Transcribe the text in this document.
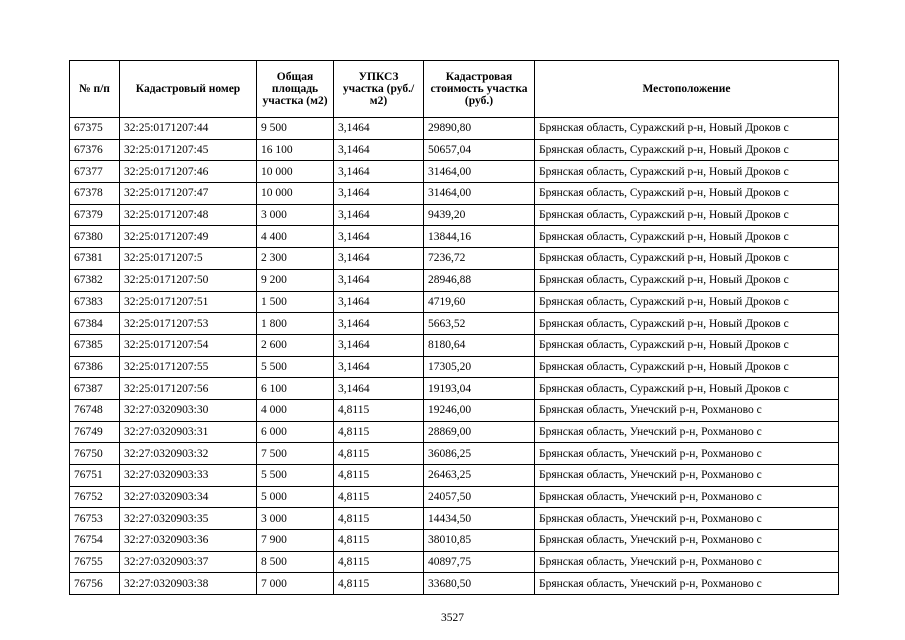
№ п/п	Кадастровый номер	Общая площадь участка (м2)	УПКСЗ участка (руб./м2)	Кадастровая стоимость участка (руб.)	Местоположение
67375	32:25:0171207:44	9 500	3,1464	29890,80	Брянская область, Суражский р-н, Новый Дроков с
67376	32:25:0171207:45	16 100	3,1464	50657,04	Брянская область, Суражский р-н, Новый Дроков с
67377	32:25:0171207:46	10 000	3,1464	31464,00	Брянская область, Суражский р-н, Новый Дроков с
67378	32:25:0171207:47	10 000	3,1464	31464,00	Брянская область, Суражский р-н, Новый Дроков с
67379	32:25:0171207:48	3 000	3,1464	9439,20	Брянская область, Суражский р-н, Новый Дроков с
67380	32:25:0171207:49	4 400	3,1464	13844,16	Брянская область, Суражский р-н, Новый Дроков с
67381	32:25:0171207:5	2 300	3,1464	7236,72	Брянская область, Суражский р-н, Новый Дроков с
67382	32:25:0171207:50	9 200	3,1464	28946,88	Брянская область, Суражский р-н, Новый Дроков с
67383	32:25:0171207:51	1 500	3,1464	4719,60	Брянская область, Суражский р-н, Новый Дроков с
67384	32:25:0171207:53	1 800	3,1464	5663,52	Брянская область, Суражский р-н, Новый Дроков с
67385	32:25:0171207:54	2 600	3,1464	8180,64	Брянская область, Суражский р-н, Новый Дроков с
67386	32:25:0171207:55	5 500	3,1464	17305,20	Брянская область, Суражский р-н, Новый Дроков с
67387	32:25:0171207:56	6 100	3,1464	19193,04	Брянская область, Суражский р-н, Новый Дроков с
76748	32:27:0320903:30	4 000	4,8115	19246,00	Брянская область, Унечский р-н, Рохманово с
76749	32:27:0320903:31	6 000	4,8115	28869,00	Брянская область, Унечский р-н, Рохманово с
76750	32:27:0320903:32	7 500	4,8115	36086,25	Брянская область, Унечский р-н, Рохманово с
76751	32:27:0320903:33	5 500	4,8115	26463,25	Брянская область, Унечский р-н, Рохманово с
76752	32:27:0320903:34	5 000	4,8115	24057,50	Брянская область, Унечский р-н, Рохманово с
76753	32:27:0320903:35	3 000	4,8115	14434,50	Брянская область, Унечский р-н, Рохманово с
76754	32:27:0320903:36	7 900	4,8115	38010,85	Брянская область, Унечский р-н, Рохманово с
76755	32:27:0320903:37	8 500	4,8115	40897,75	Брянская область, Унечский р-н, Рохманово с
76756	32:27:0320903:38	7 000	4,8115	33680,50	Брянская область, Унечский р-н, Рохманово с
3527
